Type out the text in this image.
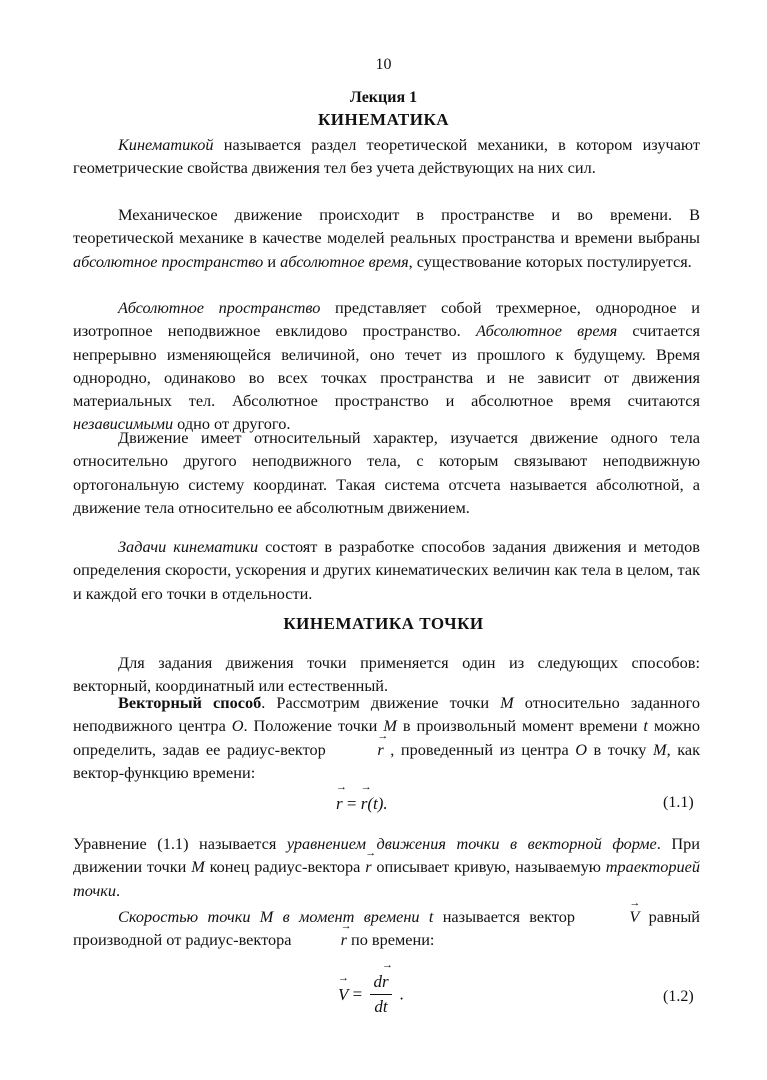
10
Лекция 1
КИНЕМАТИКА

Кинематикой называется раздел теоретической механики, в котором изучают геометрические свойства движения тел без учета действующих на них сил.

Механическое движение происходит в пространстве и во времени. В теоретической механике в качестве моделей реальных пространства и времени выбраны абсолютное пространство и абсолютное время, существование которых постулируется.

Абсолютное пространство представляет собой трехмерное, однородное и изотропное неподвижное евклидово пространство. Абсолютное время считается непрерывно изменяющейся величиной, оно течет из прошлого к будущему. Время однородно, одинаково во всех точках пространства и не зависит от движения материальных тел. Абсолютное пространство и абсолютное время считаются независимыми одно от другого.

Движение имеет относительный характер, изучается движение одного тела относительно другого неподвижного тела, с которым связывают неподвижную ортогональную систему координат. Такая система отсчета называется абсолютной, а движение тела относительно ее абсолютным движением.

Задачи кинематики состоят в разработке способов задания движения и методов определения скорости, ускорения и других кинематических величин как тела в целом, так и каждой его точки в отдельности.

КИНЕМАТИКА ТОЧКИ

Для задания движения точки применяется один из следующих способов: векторный, координатный или естественный.

Векторный способ. Рассмотрим движение точки M относительно заданного неподвижного центра O. Положение точки M в произвольный момент времени t можно определить, задав ее радиус-вектор	→ r , проведенный из центра O в точку M, как вектор-функцию времени:

→ r = → r(t).	(1.1)

Уравнение (1.1) называется уравнением движения точки в векторной форме. При движении точки M конец радиус-вектора → r описывает кривую, называемую траекторией точки.

Скоростью точки M в момент времени t называется вектор	→ V равный производной от радиус-вектора	→ r по времени:

→ $V = \frac{d\to r}{dt}$ .	(1.2)
